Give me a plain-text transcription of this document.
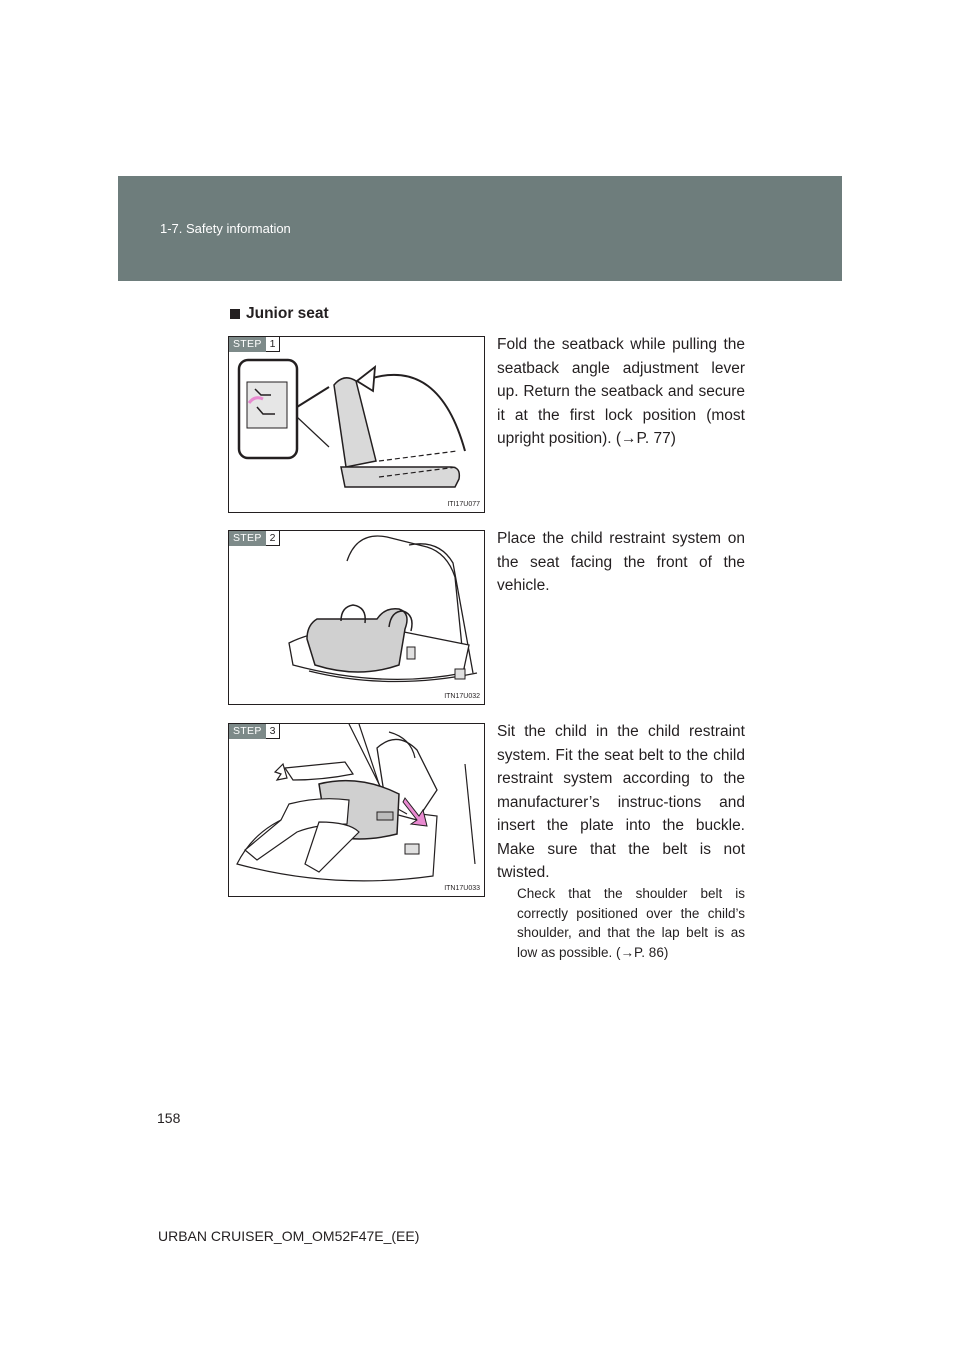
1-7. Safety information
Junior seat
STEP 1
ITI17U077
STEP 2
ITN17U032
STEP 3
ITN17U033

Fold the seatback while pulling the seatback angle adjustment lever up. Return the seatback and secure it at the first lock position (most upright position). (→P. 77)

Place the child restraint system on the seat facing the front of the vehicle.

Sit the child in the child restraint system. Fit the seat belt to the child restraint system according to the manufacturer’s instruc-tions and insert the plate into the buckle. Make sure that the belt is not twisted.

Check that the shoulder belt is correctly positioned over the child’s shoulder, and that the lap belt is as low as possible. (→P. 86)

158
URBAN CRUISER_OM_OM52F47E_(EE)
